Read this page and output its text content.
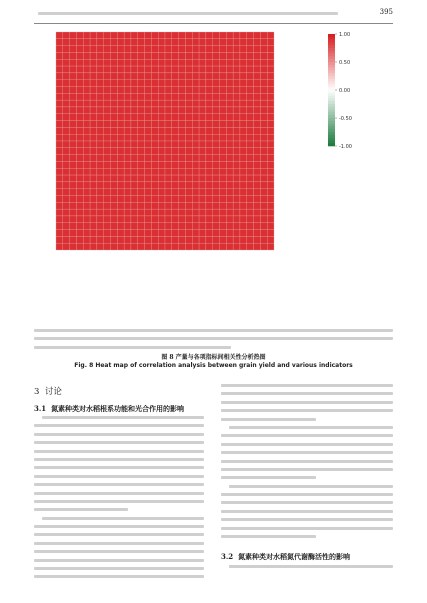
395
1.00
0.50
0.00
-0.50
-1.00
图 8 产量与各项指标间相关性分析热图
Fig. 8 Heat map of correlation analysis between grain yield and various indicators
3 讨论
3.1 氮素种类对水稻根系功能和光合作用的影响
3.2 氮素种类对水稻氮代谢酶活性的影响
